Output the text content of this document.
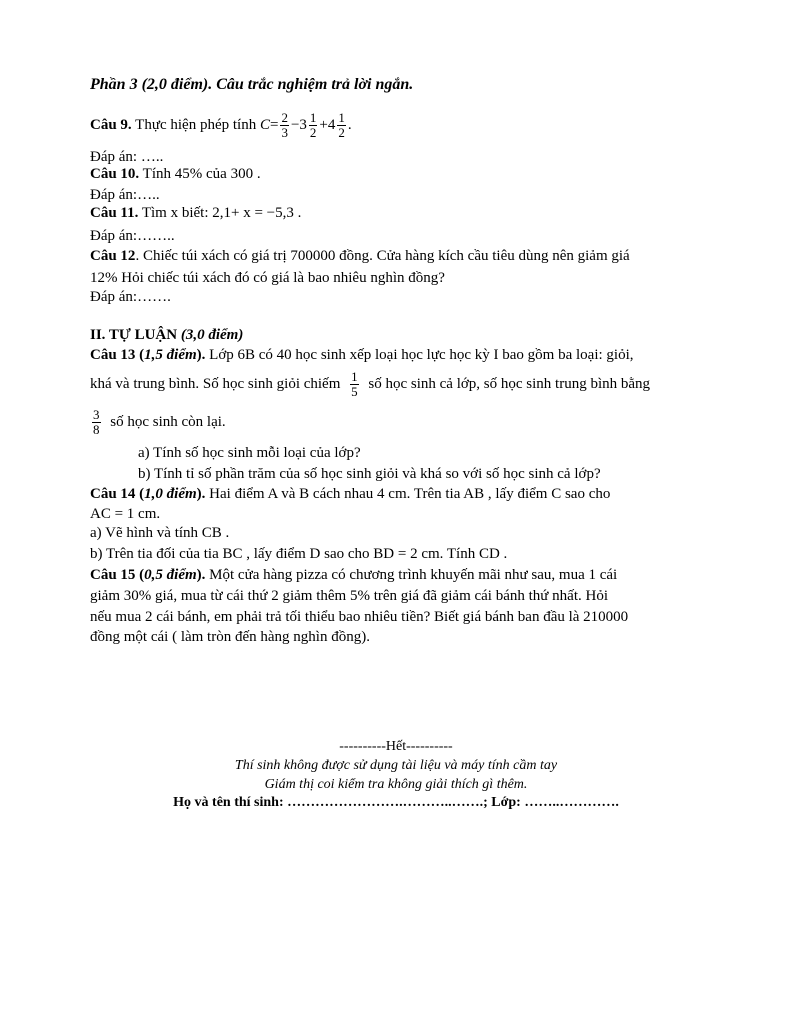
Phần 3 (2,0 điểm). Câu trắc nghiệm trả lời ngắn.
Câu 9. Thực hiện phép tính $C= \frac{2}{3} -3 \frac{1}{2} +4 \frac{1}{2}$ .
Đáp án: …..
Câu 10. Tính 45% của 300 .
Đáp án:…..
Câu 11. Tìm x biết: 2,1+ x = −5,3 .
Đáp án:……..
Câu 12. Chiếc túi xách có giá trị 700000 đồng. Cửa hàng kích cầu tiêu dùng nên giảm giá
12% Hỏi chiếc túi xách đó có giá là bao nhiêu nghìn đồng?
Đáp án:…….
II. TỰ LUẬN (3,0 điểm)
Câu 13 (1,5 điểm). Lớp 6B có 40 học sinh xếp loại học lực học kỳ I bao gồm ba loại: giỏi,
khá và trung bình. Số học sinh giỏi chiếm $\frac{1}{5}$ số học sinh cả lớp, số học sinh trung bình bằng
$\frac{3}{8}$ số học sinh còn lại.
a) Tính số học sinh mỗi loại của lớp?
b) Tính tỉ số phần trăm của số học sinh giỏi và khá so với số học sinh cả lớp?
Câu 14 (1,0 điểm). Hai điểm A và B cách nhau 4 cm. Trên tia AB , lấy điểm C sao cho
AC = 1 cm.
a) Vẽ hình và tính CB .
b) Trên tia đối của tia BC , lấy điểm D sao cho BD = 2 cm. Tính CD .
Câu 15 (0,5 điểm). Một cửa hàng pizza có chương trình khuyến mãi như sau, mua 1 cái
giảm 30% giá, mua từ cái thứ 2 giảm thêm 5% trên giá đã giảm cái bánh thứ nhất. Hỏi
nếu mua 2 cái bánh, em phải trả tối thiểu bao nhiêu tiền? Biết giá bánh ban đầu là 210000
đồng một cái ( làm tròn đến hàng nghìn đồng).
----------Hết----------
Thí sinh không được sử dụng tài liệu và máy tính cầm tay
Giám thị coi kiểm tra không giải thích gì thêm.
Họ và tên thí sinh: …………………….………..…….; Lớp: ……..………….
